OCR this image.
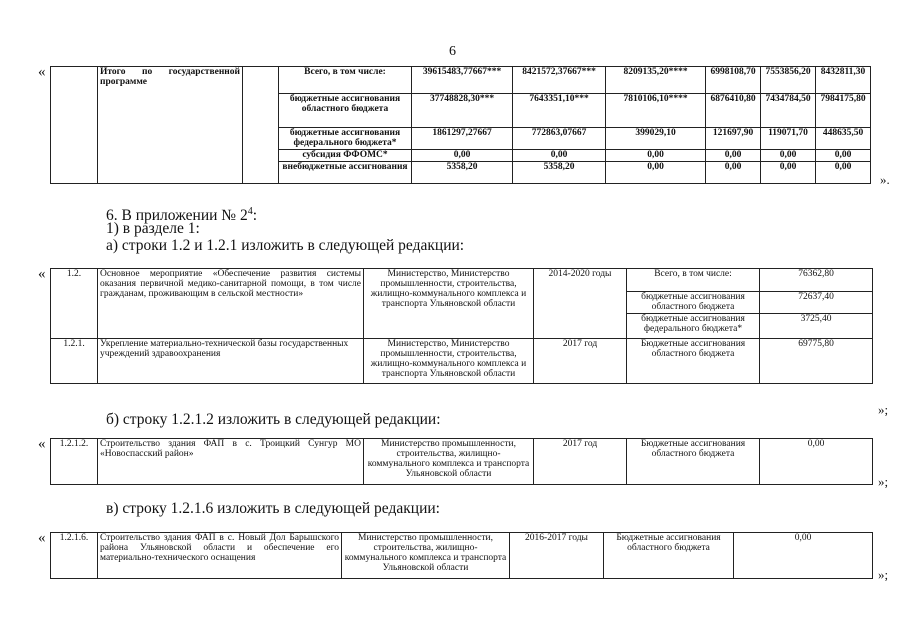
6
«
		Итого по государственной программе		Всего, в том числе:	39615483,77667***	8421572,37667***	8209135,20****	6998108,70	7553856,20	8432811,30
			бюджетные ассигнования областного бюджета	37748828,30***	7643351,10***	7810106,10****	6876410,80	7434784,50	7984175,80
			бюджетные ассигнования федерального бюджета*	1861297,27667	772863,07667	399029,10	121697,90	119071,70	448635,50
			субсидия ФФОМС*	0,00	0,00	0,00	0,00	0,00	0,00
			внебюджетные ассигнования	5358,20	5358,20	0,00	0,00	0,00	0,00
».
6. В приложении № $2^4$:
1) в разделе 1:
а) строки 1.2 и 1.2.1 изложить в следующей редакции:
« 1.2.	Основное мероприятие «Обеспечение развития системы оказания первичной медико-санитарной помощи, в том числе гражданам, проживающим в сельской местности»	Министерство, Министерство промышленности, строительства, жилищно-коммунального комплекса и транспорта Ульяновской области	2014-2020 годы	Всего, в том числе:	76362,80
				бюджетные ассигнования областного бюджета	72637,40
				бюджетные ассигнования федерального бюджета*	3725,40
1.2.1.	Укрепление материально-технической базы государственных учреждений здравоохранения	Министерство, Министерство промышленности, строительства, жилищно-коммунального комплекса и транспорта Ульяновской области	2017 год	Бюджетные ассигнования областного бюджета	69775,80
»;
б) строку 1.2.1.2 изложить в следующей редакции:
« 1.2.1.2.	Строительство здания ФАП в с. Троицкий Сунгур МО «Новоспасский район»	Министерство промышленности, строительства, жилищно-коммунального комплекса и транспорта Ульяновской области	2017 год	Бюджетные ассигнования областного бюджета	0,00
»;
в) строку 1.2.1.6 изложить в следующей редакции:
« 1.2.1.6.	Строительство здания ФАП в с. Новый Дол Барышского района Ульяновской области и обеспечение его материально-технического оснащения	Министерство промышленности, строительства, жилищно-коммунального комплекса и транспорта Ульяновской области	2016-2017 годы	Бюджетные ассигнования областного бюджета	0,00
»;
